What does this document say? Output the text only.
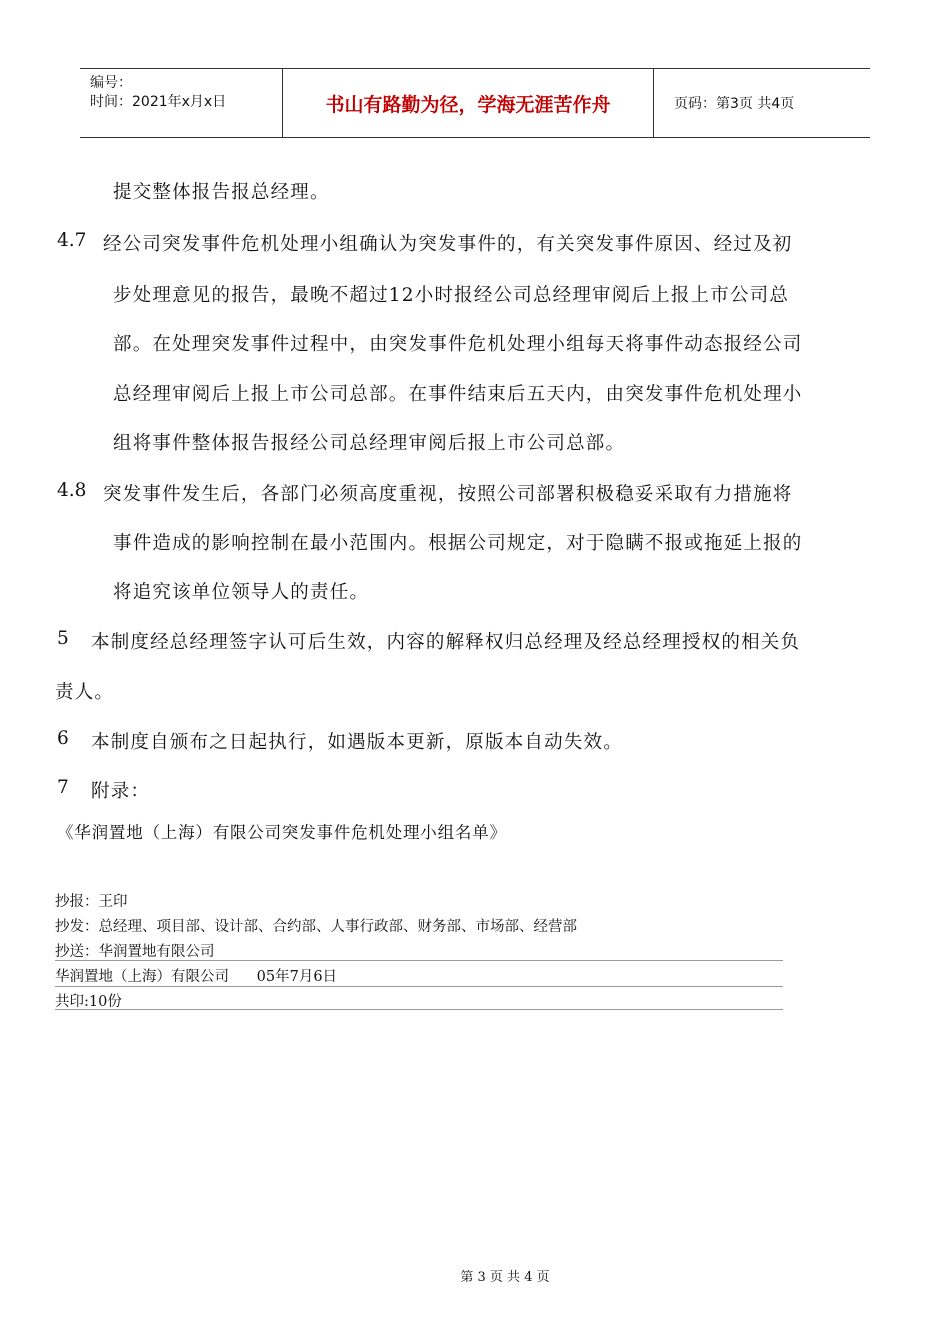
编号：
时间：2021年x月x日	书山有路勤为径，学海无涯苦作舟	页码：第3页 共4页
提交整体报告报总经理。
4.7 经公司突发事件危机处理小组确认为突发事件的，有关突发事件原因、经过及初
步处理意见的报告，最晚不超过12小时报经公司总经理审阅后上报上市公司总
部。在处理突发事件过程中，由突发事件危机处理小组每天将事件动态报经公司
总经理审阅后上报上市公司总部。在事件结束后五天内，由突发事件危机处理小
组将事件整体报告报经公司总经理审阅后报上市公司总部。
4.8 突发事件发生后，各部门必须高度重视，按照公司部署积极稳妥采取有力措施将
事件造成的影响控制在最小范围内。根据公司规定，对于隐瞒不报或拖延上报的
将追究该单位领导人的责任。
5 本制度经总经理签字认可后生效，内容的解释权归总经理及经总经理授权的相关负
责人。
6 本制度自颁布之日起执行，如遇版本更新，原版本自动失效。
7 附录：
《华润置地（上海）有限公司突发事件危机处理小组名单》
抄报：王印
抄发：总经理、项目部、设计部、合约部、人事行政部、财务部、市场部、经营部
抄送：华润置地有限公司
华润置地（上海）有限公司      05年7月6日
共印:10份
第 3 页 共 4 页
